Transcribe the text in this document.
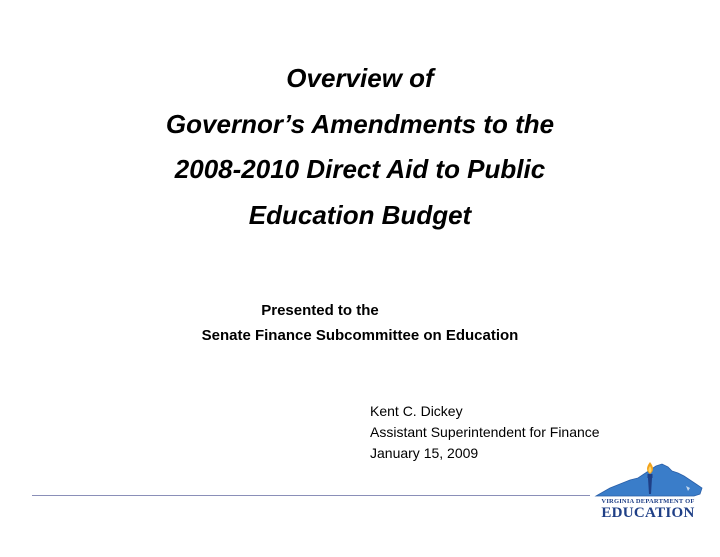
Overview of
Governor’s Amendments to the
2008-2010 Direct Aid to Public
Education Budget
Presented to the
Senate Finance Subcommittee on Education
Kent C. Dickey
Assistant Superintendent for Finance
January 15, 2009
VIRGINIA DEPARTMENT OF
EDUCATION
